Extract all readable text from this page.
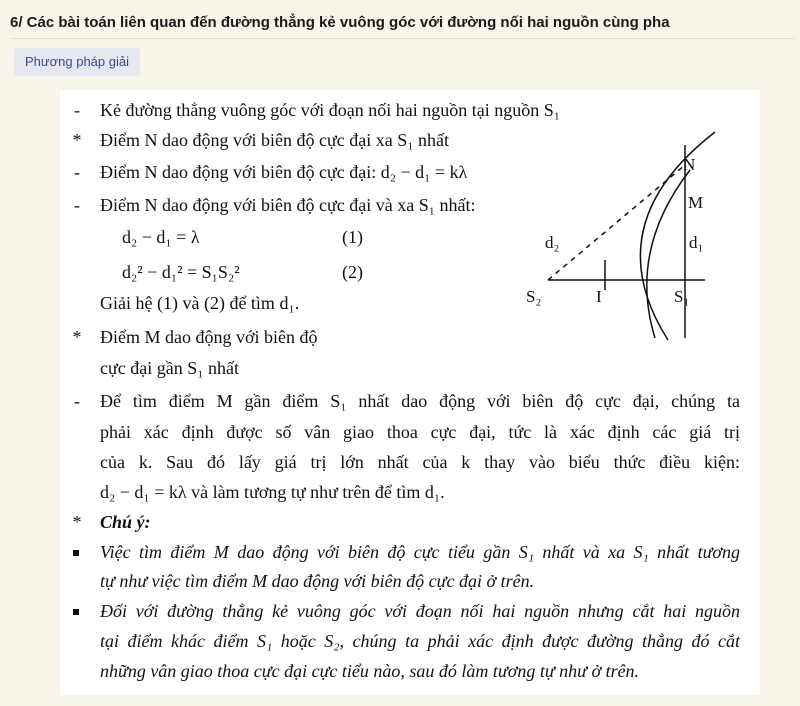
6/ Các bài toán liên quan đến đường thẳng kẻ vuông góc với đường nối hai nguồn cùng pha
Phương pháp giải
-	Kẻ đường thẳng vuông góc với đoạn nối hai nguồn tại nguồn S₁
* Điểm N dao động với biên độ cực đại xa S₁ nhất
-	Điểm N dao động với biên độ cực đại: d₂ − d₁ = kλ
-	Điểm N dao động với biên độ cực đại và xa S₁ nhất:
d₂ − d₁ = λ	(1)
d₂² − d₁² = S₁S₂²	(2)
Giải hệ (1) và (2) để tìm d₁.
* Điểm M dao động với biên độ
cực đại gần S₁ nhất
-	Để tìm điểm M gần điểm S₁ nhất dao động với biên độ cực đại, chúng ta
phải xác định được số vân giao thoa cực đại, tức là xác định các giá trị
của k. Sau đó lấy giá trị lớn nhất của k thay vào biểu thức điều kiện:
d₂ − d₁ = kλ và làm tương tự như trên để tìm d₁.
* Chú ý:
Việc tìm điểm M dao động với biên độ cực tiểu gần S₁ nhất và xa S₁ nhất tương
tự như việc tìm điểm M dao động với biên độ cực đại ở trên.
Đối với đường thẳng kẻ vuông góc với đoạn nối hai nguồn nhưng cắt hai nguồn
tại điểm khác điểm S₁ hoặc S₂, chúng ta phải xác định được đường thẳng đó cắt
những vân giao thoa cực đại cực tiểu nào, sau đó làm tương tự như ở trên.
N
M
d₁
d₂
S₂	I	S₁
